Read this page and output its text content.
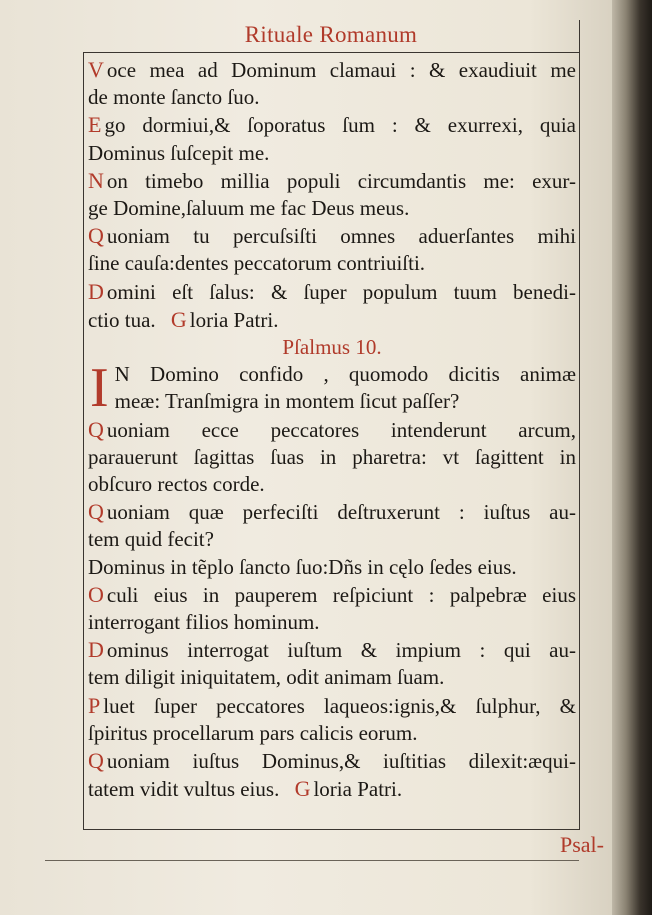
Rituale Romanum
V oce mea ad Dominum clamaui : & exaudiuit me
de monte ſancto ſuo.
E go dormiui,& ſoporatus ſum : & exurrexi, quia
Dominus ſuſcepit me.
N on timebo millia populi circumdantis me: exur-
ge Domine,ſaluum me fac Deus meus.
Q uoniam tu percuſsiſti omnes aduerſantes mihi
ſine cauſa:dentes peccatorum contriuiſti.
D omini eſt ſalus: & ſuper populum tuum benedi-
ctio tua. G loria Patri.
Pſalmus 10.
I N Domino confido , quomodo dicitis animæ
meæ: Tranſmigra in montem ſicut paſſer?
Q uoniam ecce peccatores intenderunt arcum,
parauerunt ſagittas ſuas in pharetra: vt ſagittent in
obſcuro rectos corde.
Q uoniam quæ perfeciſti deſtruxerunt : iuſtus au-
tem quid fecit?
Dominus in tẽplo ſancto ſuo:Dñs in cęlo ſedes eius.
O culi eius in pauperem reſpiciunt : palpebræ eius
interrogant filios hominum.
D ominus interrogat iuſtum & impium : qui au-
tem diligit iniquitatem, odit animam ſuam.
P luet ſuper peccatores laqueos:ignis,& ſulphur, &
ſpiritus procellarum pars calicis eorum.
Q uoniam iuſtus Dominus,& iuſtitias dilexit:æqui-
tatem vidit vultus eius. G loria Patri.
Psal-
